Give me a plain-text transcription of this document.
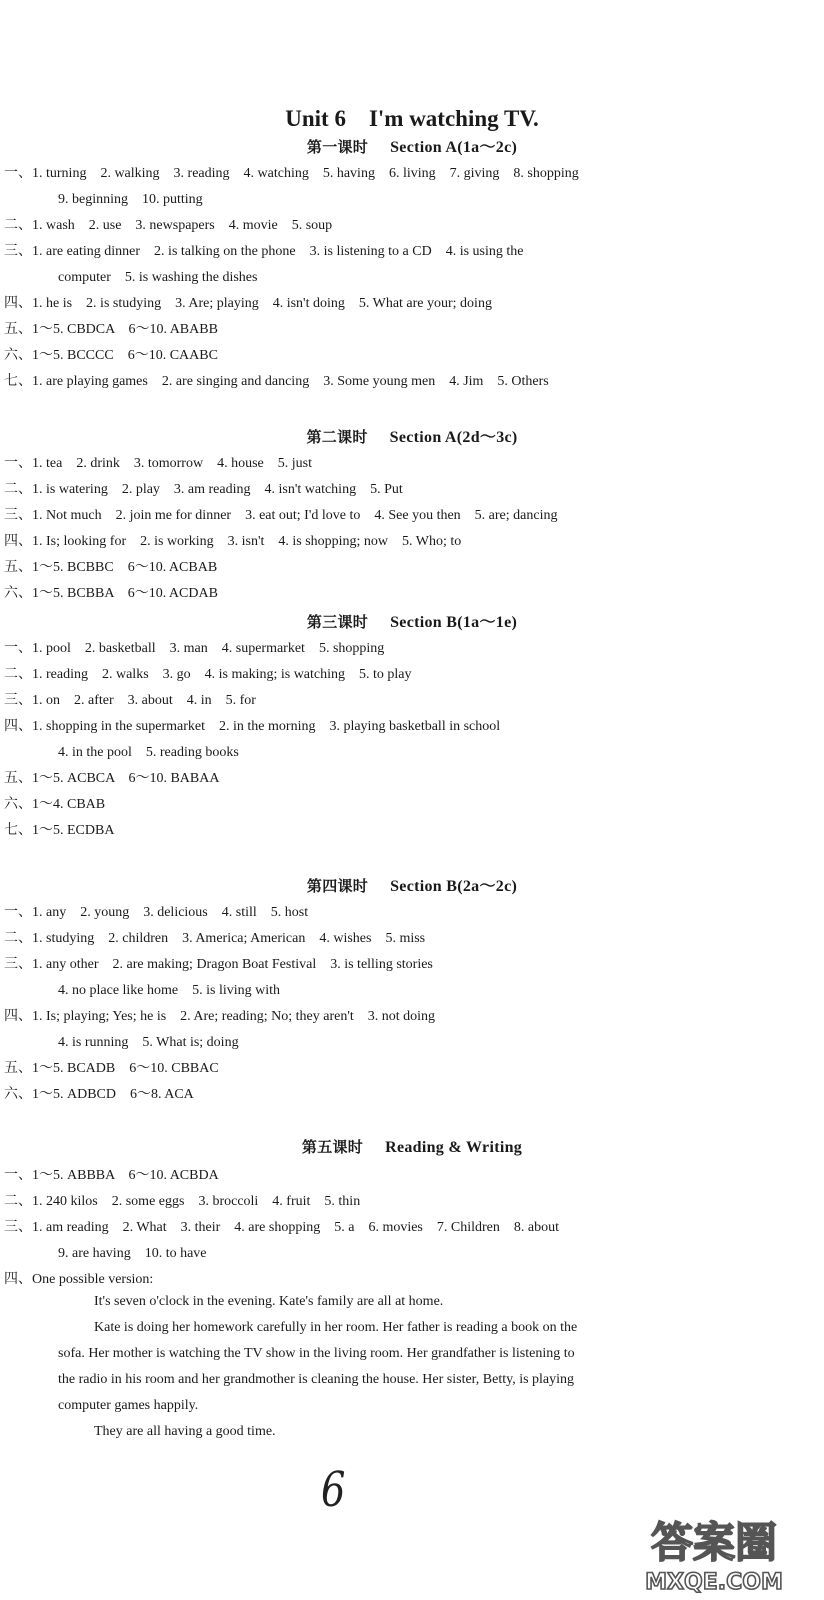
Unit 6　I'm watching TV.
第一课时 Section A(1a～2c)
一、1. turning　2. walking　3. reading　4. watching　5. having　6. living　7. giving　8. shopping
9. beginning　10. putting
二、1. wash　2. use　3. newspapers　4. movie　5. soup
三、1. are eating dinner　2. is talking on the phone　3. is listening to a CD　4. is using the
computer　5. is washing the dishes
四、1. he is　2. is studying　3. Are; playing　4. isn't doing　5. What are your; doing
五、1～5. CBDCA　6～10. ABABB
六、1～5. BCCCC　6～10. CAABC
七、1. are playing games　2. are singing and dancing　3. Some young men　4. Jim　5. Others
第二课时 Section A(2d～3c)
一、1. tea　2. drink　3. tomorrow　4. house　5. just
二、1. is watering　2. play　3. am reading　4. isn't watching　5. Put
三、1. Not much　2. join me for dinner　3. eat out; I'd love to　4. See you then　5. are; dancing
四、1. Is; looking for　2. is working　3. isn't　4. is shopping; now　5. Who; to
五、1～5. BCBBC　6～10. ACBAB
六、1～5. BCBBA　6～10. ACDAB
第三课时 Section B(1a～1e)
一、1. pool　2. basketball　3. man　4. supermarket　5. shopping
二、1. reading　2. walks　3. go　4. is making; is watching　5. to play
三、1. on　2. after　3. about　4. in　5. for
四、1. shopping in the supermarket　2. in the morning　3. playing basketball in school
4. in the pool　5. reading books
五、1～5. ACBCA　6～10. BABAA
六、1～4. CBAB
七、1～5. ECDBA
第四课时 Section B(2a～2c)
一、1. any　2. young　3. delicious　4. still　5. host
二、1. studying　2. children　3. America; American　4. wishes　5. miss
三、1. any other　2. are making; Dragon Boat Festival　3. is telling stories
4. no place like home　5. is living with
四、1. Is; playing; Yes; he is　2. Are; reading; No; they aren't　3. not doing
4. is running　5. What is; doing
五、1～5. BCADB　6～10. CBBAC
六、1～5. ADBCD　6～8. ACA
第五课时 Reading & Writing
一、1～5. ABBBA　6～10. ACBDA
二、1. 240 kilos　2. some eggs　3. broccoli　4. fruit　5. thin
三、1. am reading　2. What　3. their　4. are shopping　5. a　6. movies　7. Children　8. about
9. are having　10. to have
四、One possible version:
It's seven o'clock in the evening. Kate's family are all at home.
Kate is doing her homework carefully in her room. Her father is reading a book on the
sofa. Her mother is watching the TV show in the living room. Her grandfather is listening to
the radio in his room and her grandmother is cleaning the house. Her sister, Betty, is playing
computer games happily.
They are all having a good time.
6
答案圈
MXQE.COM
